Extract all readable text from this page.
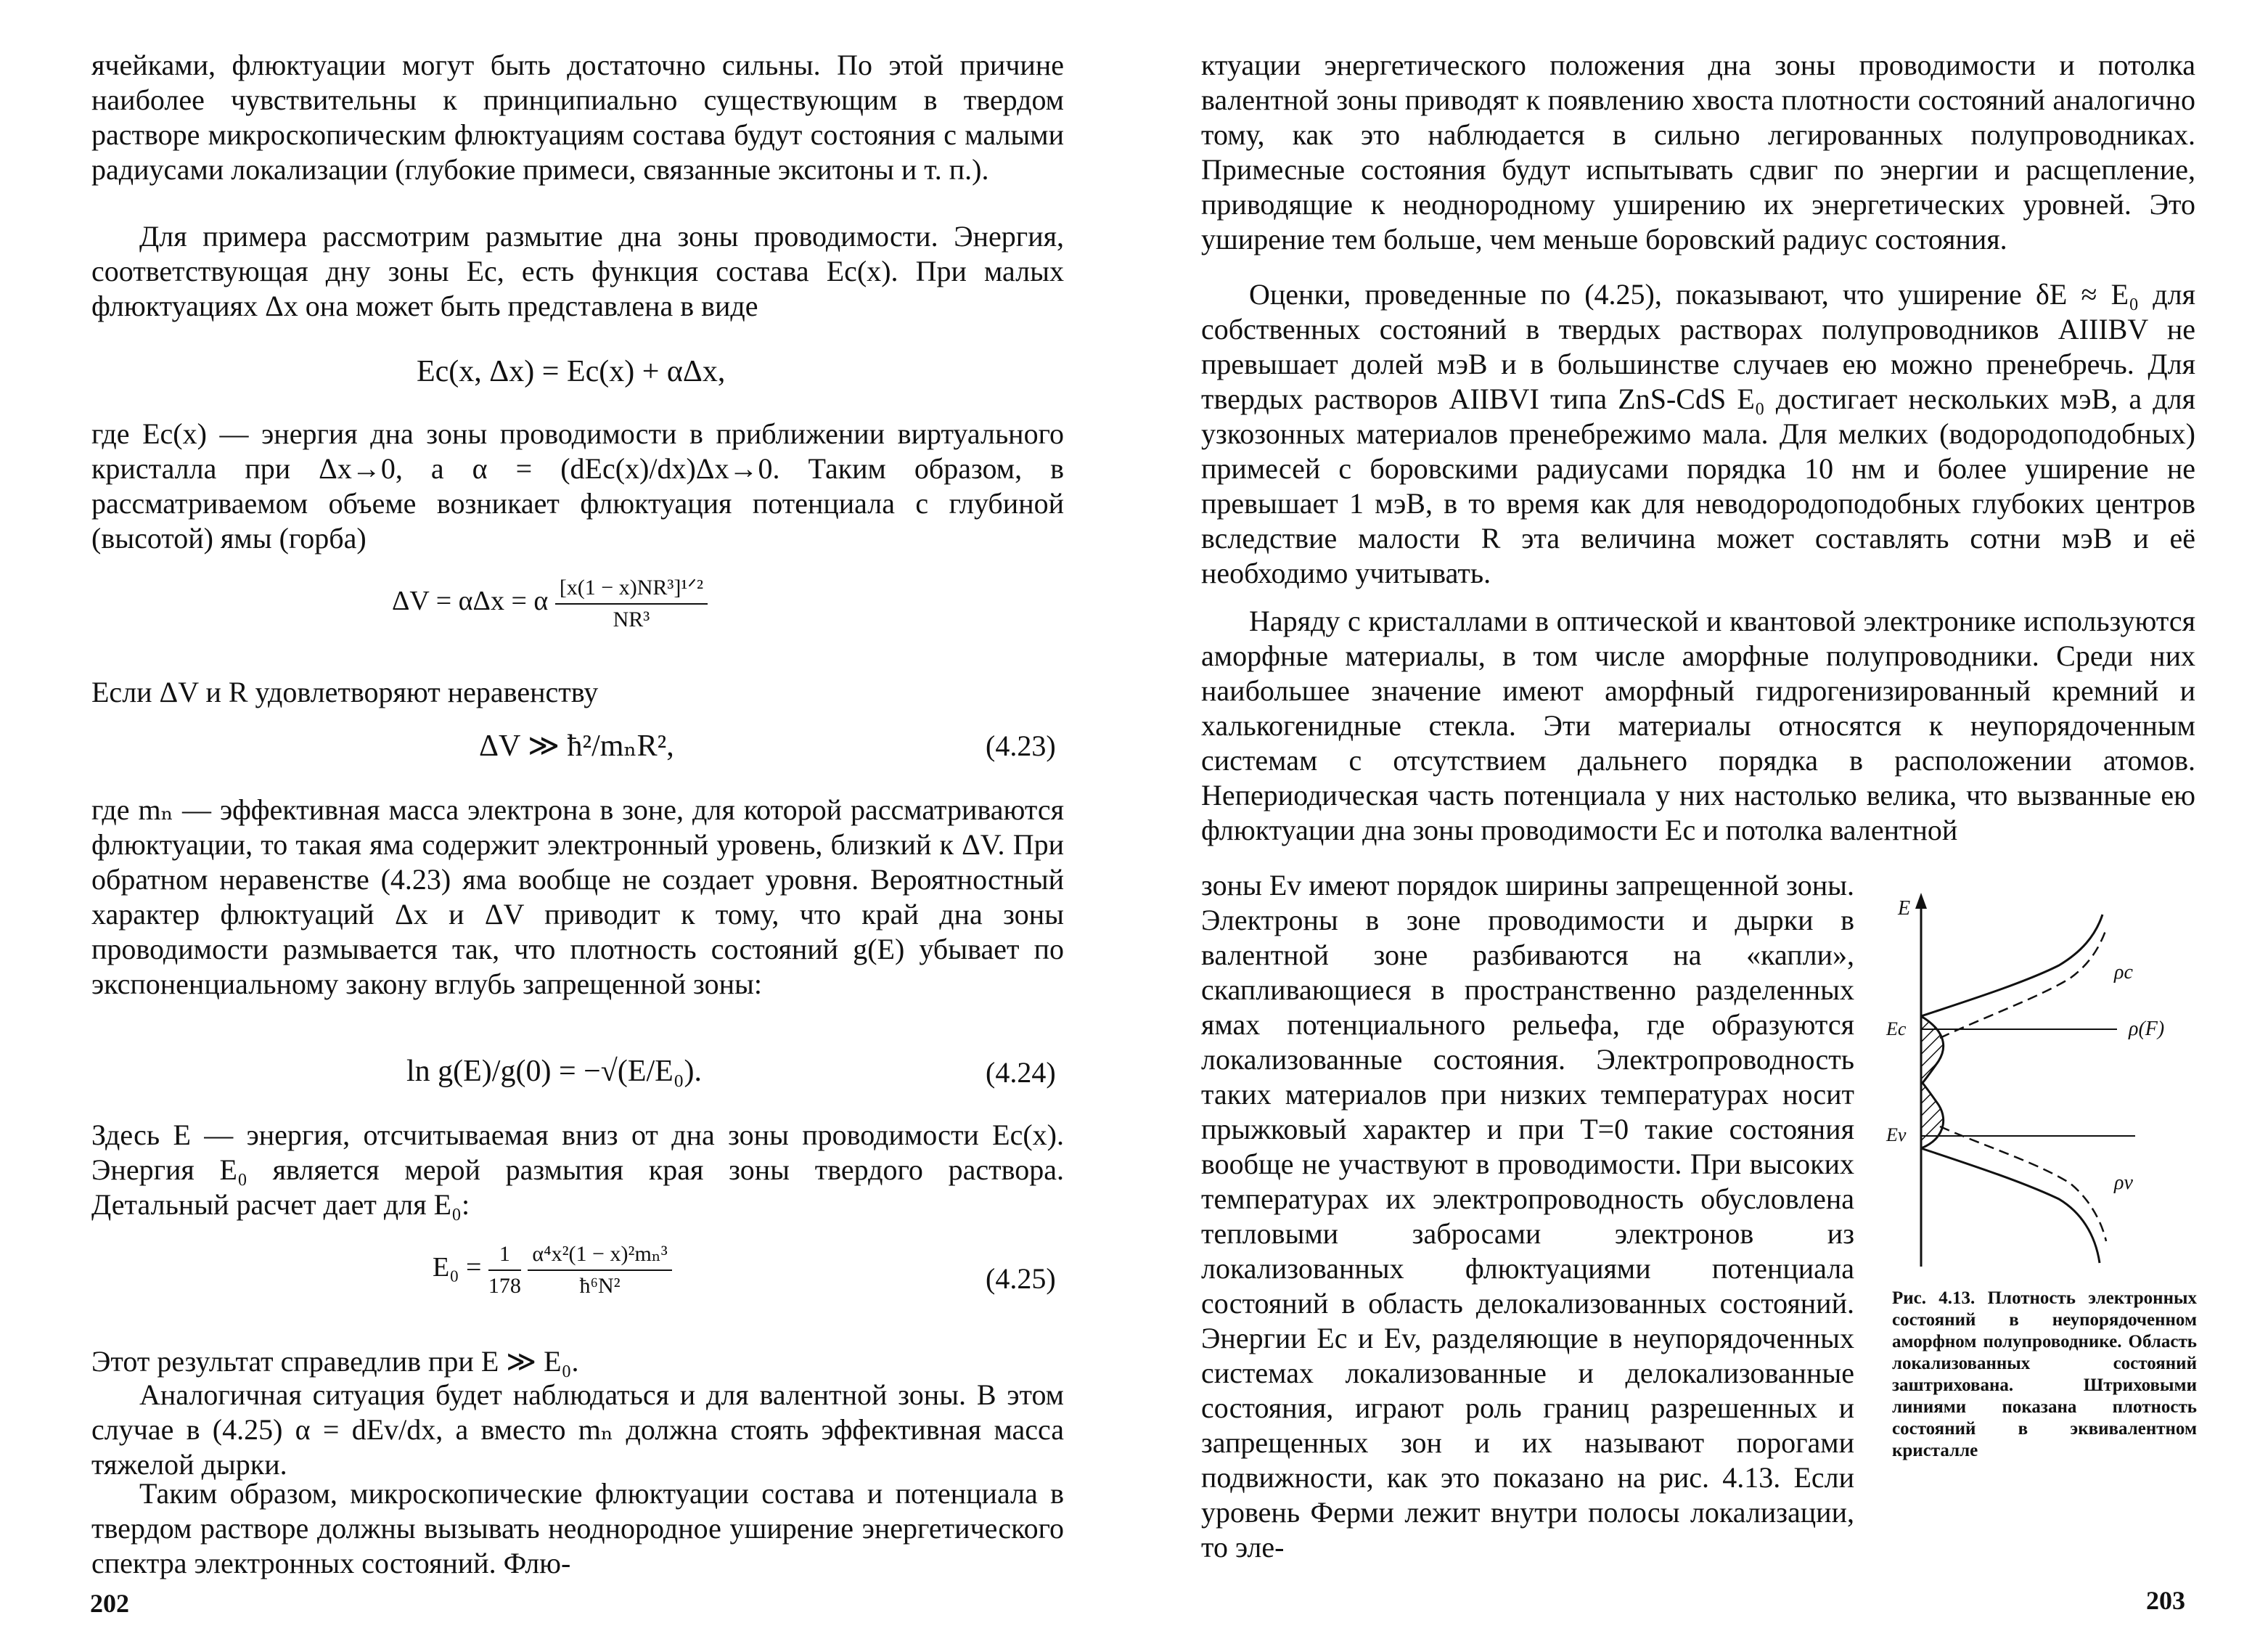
ячейками, флюктуации могут быть достаточно сильны. По этой причине наиболее чувствительны к принципиально существующим в твердом растворе микроскопическим флюктуациям состава будут состояния с малыми радиусами локализации (глубокие примеси, связанные экситоны и т. п.).

Для примера рассмотрим размытие дна зоны проводимости. Энергия, соответствующая дну зоны Eс, есть функция состава Ec(x). При малых флюктуациях Δx она может быть представлена в виде

Ec(x, Δx) = Ec(x) + αΔx,

где Ec(x) — энергия дна зоны проводимости в приближении виртуального кристалла при Δx→0, а α = (dEc(x)/dx)Δx→0. Таким образом, в рассматриваемом объеме возникает флюктуация потенциала с глубиной (высотой) ямы (горба)

ΔV = αΔx = α $\frac{\text{[x(1 − x)NR³]¹ᐟ²}}{\text{NR³}}$

Если ΔV и R удовлетворяют неравенству

ΔV ≫ ħ²/mₙR²,	(4.23)

где mₙ — эффективная масса электрона в зоне, для которой рассматриваются флюктуации, то такая яма содержит электронный уровень, близкий к ΔV. При обратном неравенстве (4.23) яма вообще не создает уровня. Вероятностный характер флюктуаций Δx и ΔV приводит к тому, что край дна зоны проводимости размывается так, что плотность состояний g(E) убывает по экспоненциальному закону вглубь запрещенной зоны:

ln g(E)/g(0) = −√(E/E₀).	(4.24)

Здесь E — энергия, отсчитываемая вниз от дна зоны проводимости Ec(x). Энергия E₀ является мерой размытия края зоны твердого раствора. Детальный расчет дает для E₀:

$E_0 = \frac{1}{178}$
$\frac{\text{α⁴x²(1 − x)²mₙ³}}{\text{ħ⁶N²}}$	(4.25)

Этот результат справедлив при E ≫ E₀.

Аналогичная ситуация будет наблюдаться и для валентной зоны. В этом случае в (4.25) α = dEv/dx, а вместо mₙ должна стоять эффективная масса тяжелой дырки.

Таким образом, микроскопические флюктуации состава и потенциала в твердом растворе должны вызывать неоднородное уширение энергетического спектра электронных состояний. Флю-

202

ктуации энергетического положения дна зоны проводимости и потолка валентной зоны приводят к появлению хвоста плотности состояний аналогично тому, как это наблюдается в сильно легированных полупроводниках. Примесные состояния будут испытывать сдвиг по энергии и расщепление, приводящие к неоднородному уширению их энергетических уровней. Это уширение тем больше, чем меньше боровский радиус состояния.

Оценки, проведенные по (4.25), показывают, что уширение δE ≈ E₀ для собственных состояний в твердых растворах полупроводников AIIIBV не превышает долей мэВ и в большинстве случаев ею можно пренебречь. Для твердых растворов AIIBVI типа ZnS-CdS E₀ достигает нескольких мэВ, а для узкозонных материалов пренебрежимо мала. Для мелких (водородоподобных) примесей с боровскими радиусами порядка 10 нм и более уширение не превышает 1 мэВ, в то время как для неводородоподобных глубоких центров вследствие малости R эта величина может составлять сотни мэВ и её необходимо учитывать.

Наряду с кристаллами в оптической и квантовой электронике используются аморфные материалы, в том числе аморфные полупроводники. Среди них наибольшее значение имеют аморфный гидрогенизированный кремний и халькогенидные стекла. Эти материалы относятся к неупорядоченным системам с отсутствием дальнего порядка в расположении атомов. Непериодическая часть потенциала у них настолько велика, что вызванные ею флюктуации дна зоны проводимости Ec и потолка валентной

зоны Ev имеют порядок ширины запрещенной зоны. Электроны в зоне проводимости и дырки в валентной зоне разбиваются на «капли», скапливающиеся в пространственно разделенных ямах потенциального рельефа, где образуются локализованные состояния. Электропроводность таких материалов при низких температурах носит прыжковый характер и при T=0 такие состояния вообще не участвуют в проводимости. При высоких температурах их электропроводность обусловлена тепловыми забросами электронов из локализованных флюктуациями потенциала состояний в область делокализованных состояний. Энергии Ec и Ev, разделяющие в неупорядоченных системах локализованные и делокализованные состояния, играют роль границ разрешенных и запрещенных зон и их называют порогами подвижности, как это показано на рис. 4.13. Если уровень Ферми лежит внутри полосы локализации, то эле-

E
Ec
Ev
ρc
ρv
ρ(F)

Рис. 4.13. Плотность электронных состояний в неупорядоченном аморфном полупроводнике. Область локализованных состояний заштрихована. Штриховыми линиями показана плотность состояний в эквивалентном кристалле

203
